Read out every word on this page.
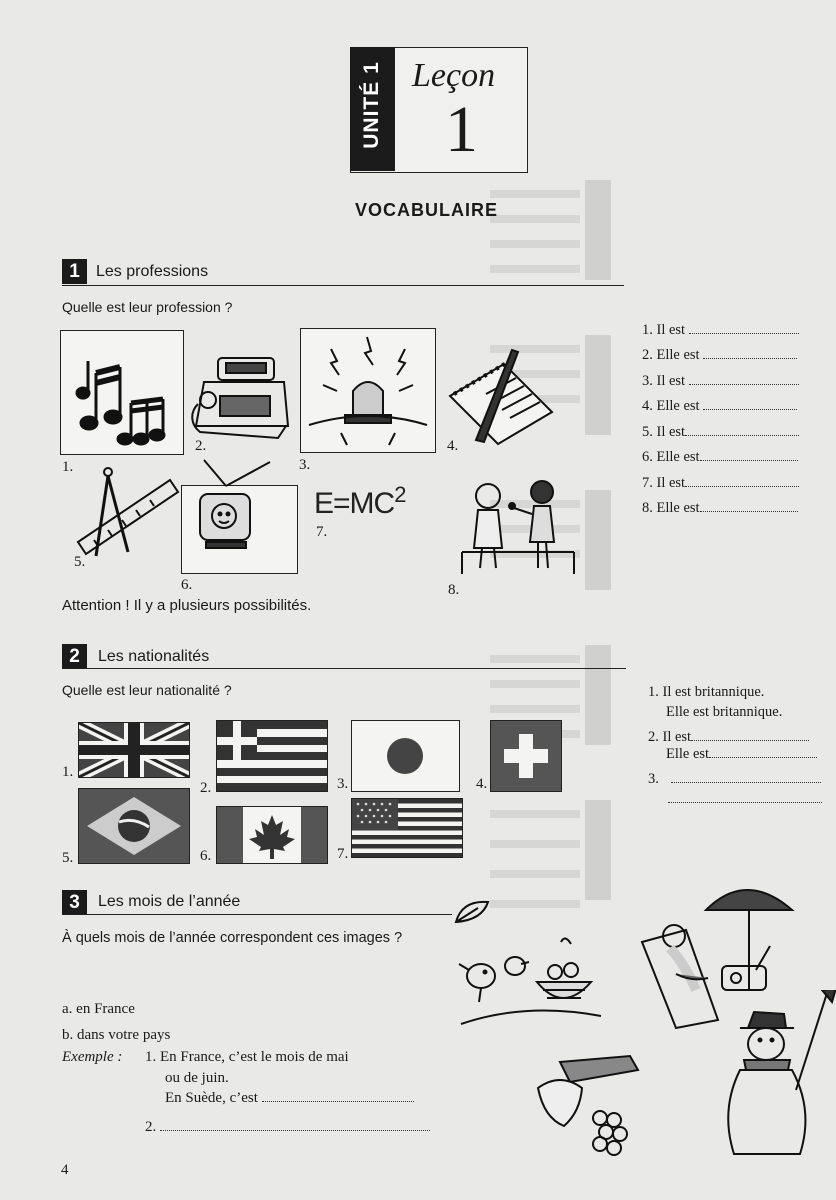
UNITÉ 1 Leçon
1
VOCABULAIRE
1	Les professions
Quelle est leur profession ?
1.
2.
3.
4.
5.
6.
$E=MC^2$
7.
8.
Attention ! Il y a plusieurs possibilités.
1. Il est
2. Elle est
3. Il est
4. Elle est
5. Il est
6. Elle est
7. Il est
8. Elle est
2	Les nationalités
Quelle est leur nationalité ?
1.
2.	3.	4.
5.	6.	7.
1. Il est britannique.
Elle est britannique.
2. Il est
Elle est
3.
3	Les mois de l’année
À quels mois de l’année correspondent ces images ?
a. en France
b. dans votre pays
Exemple : 1. En France, c’est le mois de mai
ou de juin.
En Suède, c’est
2.
4
